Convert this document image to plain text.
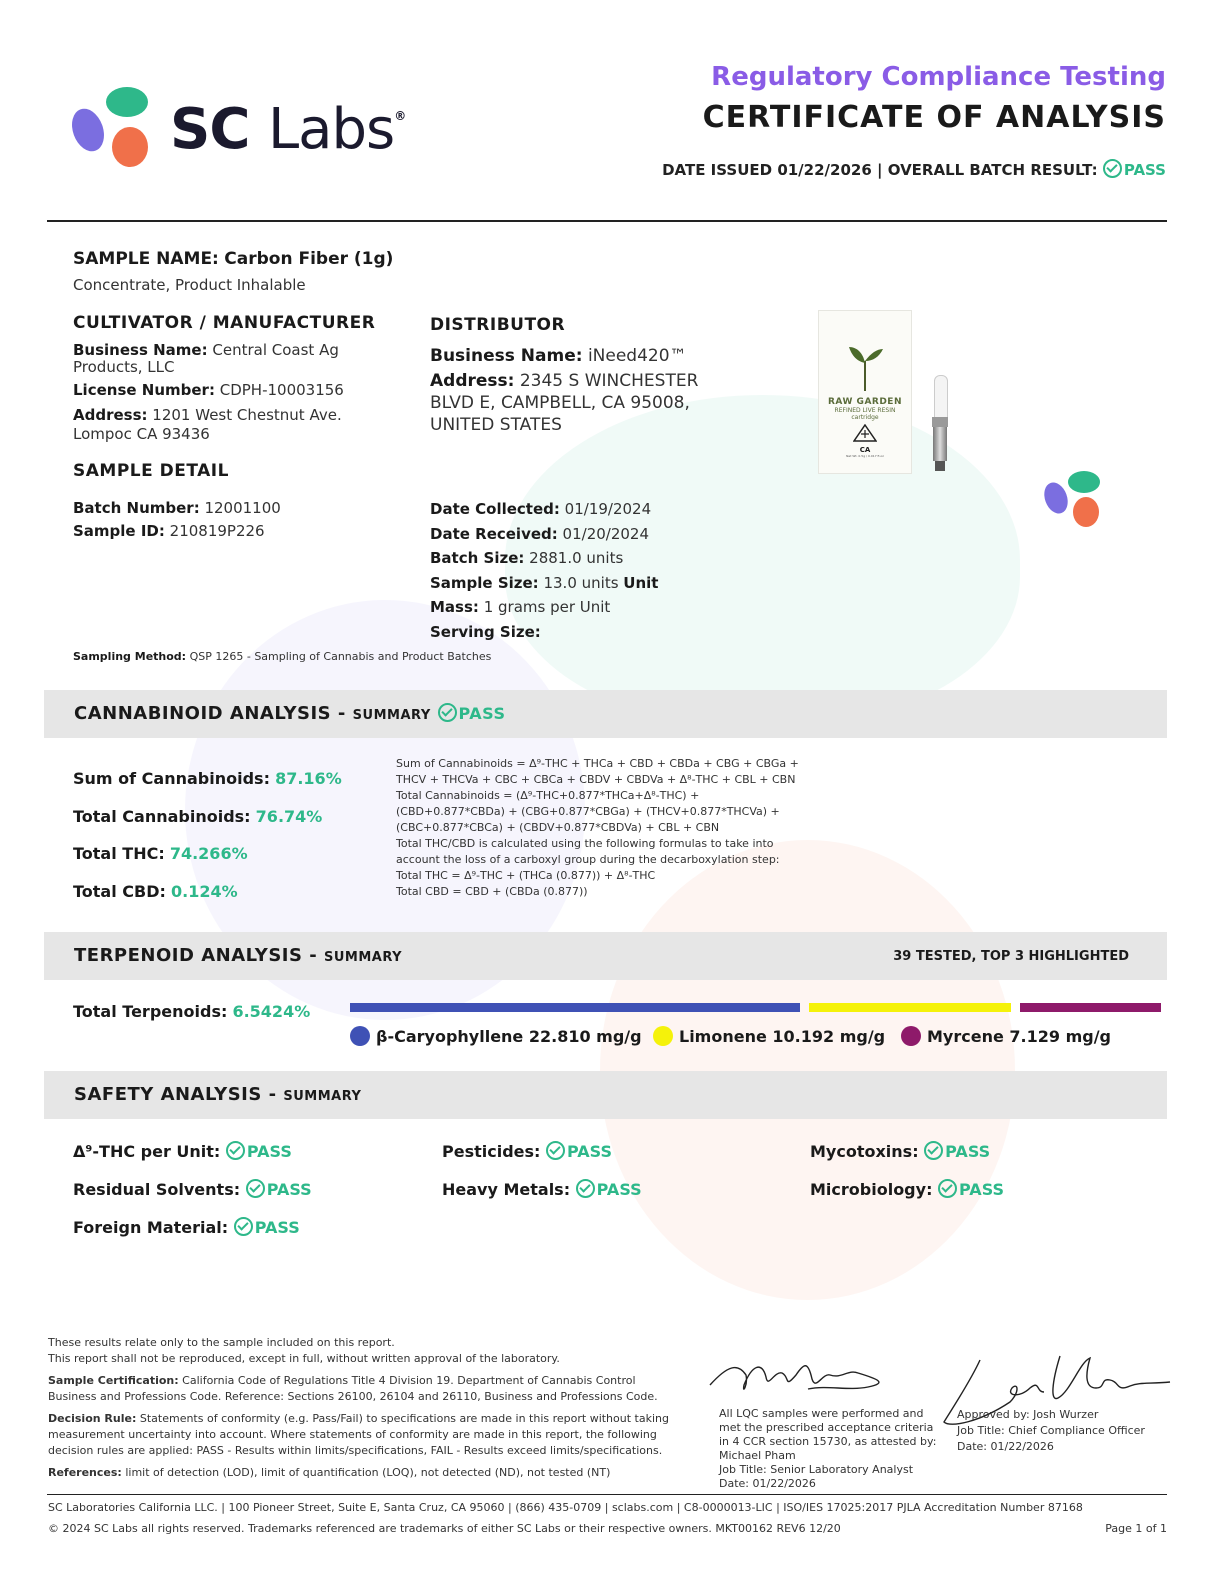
SC Labs®
Regulatory Compliance Testing
CERTIFICATE OF ANALYSIS
DATE ISSUED 01/22/2026 | OVERALL BATCH RESULT: PASS
SAMPLE NAME: Carbon Fiber (1g)
Concentrate, Product Inhalable
CULTIVATOR / MANUFACTURER
Business Name: Central Coast Ag
Products, LLC
License Number: CDPH-10003156
Address: 1201 West Chestnut Ave.
Lompoc CA 93436
DISTRIBUTOR
Business Name: iNeed420™
Address: 2345 S WINCHESTER
BLVD E, CAMPBELL, CA 95008,
UNITED STATES
RAW GARDEN
REFINED LIVE RESIN
cartridge
CA
Net Wt. 0.5g / 0.017 fl.oz
SAMPLE DETAIL
Batch Number: 12001100
Sample ID: 210819P226
Date Collected: 01/19/2024
Date Received: 01/20/2024
Batch Size: 2881.0 units
Sample Size: 13.0 units Unit
Mass: 1 grams per Unit
Serving Size:
Sampling Method: QSP 1265 - Sampling of Cannabis and Product Batches
CANNABINOID ANALYSIS - SUMMARY PASS
Sum of Cannabinoids: 87.16%
Total Cannabinoids: 76.74%
Total THC: 74.266%
Total CBD: 0.124%
Sum of Cannabinoids = Δ⁹-THC + THCa + CBD + CBDa + CBG + CBGa +
THCV + THCVa + CBC + CBCa + CBDV + CBDVa + Δ⁸-THC + CBL + CBN
Total Cannabinoids = (Δ⁹-THC+0.877*THCa+Δ⁸-THC) +
(CBD+0.877*CBDa) + (CBG+0.877*CBGa) + (THCV+0.877*THCVa) +
(CBC+0.877*CBCa) + (CBDV+0.877*CBDVa) + CBL + CBN
Total THC/CBD is calculated using the following formulas to take into
account the loss of a carboxyl group during the decarboxylation step:
Total THC = Δ⁹-THC + (THCa (0.877)) + Δ⁸-THC
Total CBD = CBD + (CBDa (0.877))
TERPENOID ANALYSIS - SUMMARY	39 TESTED, TOP 3 HIGHLIGHTED
Total Terpenoids: 6.5424%
β-Caryophyllene 22.810 mg/g	Limonene 10.192 mg/g	Myrcene 7.129 mg/g
SAFETY ANALYSIS - SUMMARY
Δ⁹-THC per Unit: PASS	Pesticides: PASS	Mycotoxins: PASS
Residual Solvents: PASS	Heavy Metals: PASS	Microbiology: PASS
Foreign Material: PASS
These results relate only to the sample included on this report.
This report shall not be reproduced, except in full, without written approval of the laboratory.
Sample Certification: California Code of Regulations Title 4 Division 19. Department of Cannabis Control
Business and Professions Code. Reference: Sections 26100, 26104 and 26110, Business and Professions Code.
Decision Rule: Statements of conformity (e.g. Pass/Fail) to specifications are made in this report without taking
measurement uncertainty into account. Where statements of conformity are made in this report, the following
decision rules are applied: PASS - Results within limits/specifications, FAIL - Results exceed limits/specifications.
References: limit of detection (LOD), limit of quantification (LOQ), not detected (ND), not tested (NT)
All LQC samples were performed and
met the prescribed acceptance criteria
in 4 CCR section 15730, as attested by:
Michael Pham
Job Title: Senior Laboratory Analyst
Date: 01/22/2026
Approved by: Josh Wurzer
Job Title: Chief Compliance Officer
Date: 01/22/2026
SC Laboratories California LLC. | 100 Pioneer Street, Suite E, Santa Cruz, CA 95060 | (866) 435-0709 | sclabs.com | C8-0000013-LIC | ISO/IES 17025:2017 PJLA Accreditation Number 87168
© 2024 SC Labs all rights reserved. Trademarks referenced are trademarks of either SC Labs or their respective owners. MKT00162 REV6 12/20	Page 1 of 1
